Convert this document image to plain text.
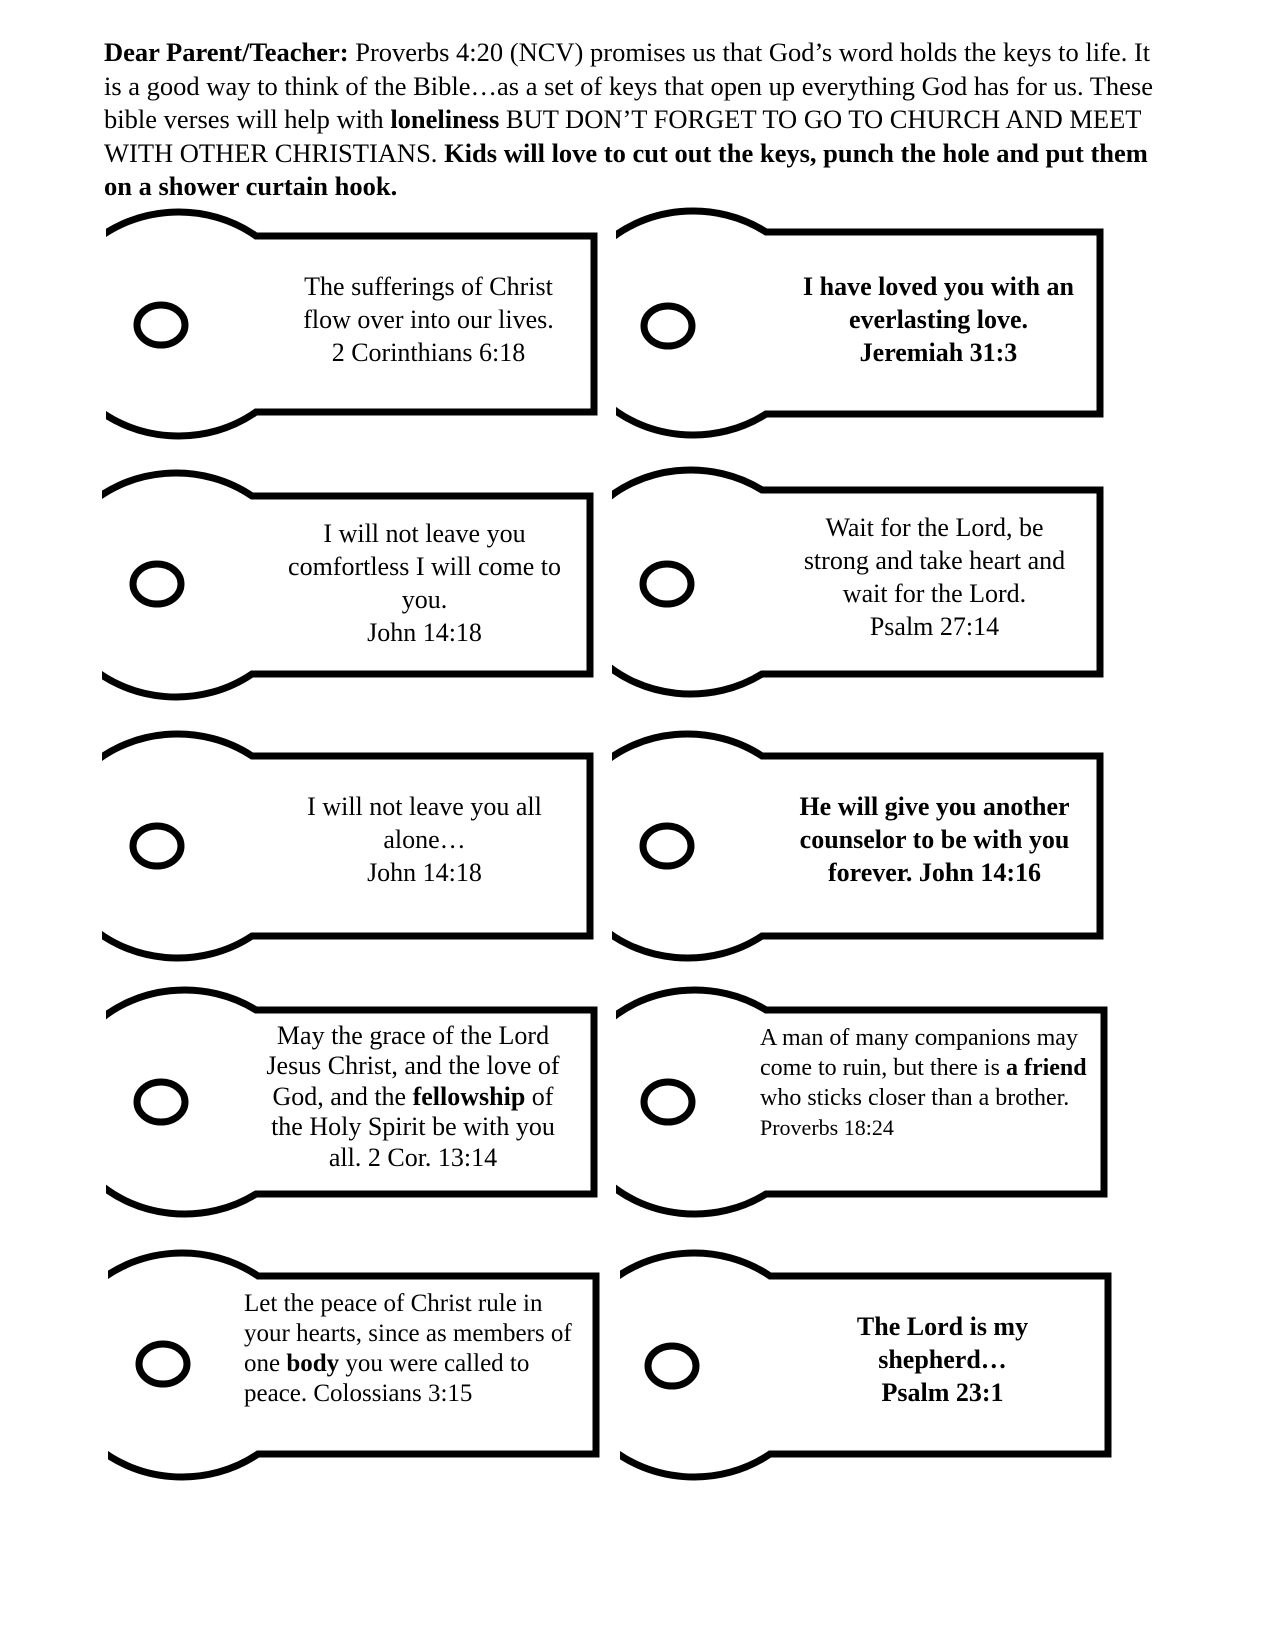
Dear Parent/Teacher: Proverbs 4:20 (NCV) promises us that God’s word holds the keys to life. It is a good way to think of the Bible…as a set of keys that open up everything God has for us. These bible verses will help with loneliness BUT DON’T FORGET TO GO TO CHURCH AND MEET WITH OTHER CHRISTIANS. Kids will love to cut out the keys, punch the hole and put them on a shower curtain hook.
The sufferings of Christ
flow over into our lives.
2 Corinthians 6:18
I have loved you with an
everlasting love.
Jeremiah 31:3
I will not leave you
comfortless I will come to
you.
John 14:18
Wait for the Lord, be
strong and take heart and
wait for the Lord.
Psalm 27:14
I will not leave you all
alone…
John 14:18
He will give you another
counselor to be with you
forever. John 14:16
May the grace of the Lord Jesus Christ, and the love of God, and the fellowship of the Holy Spirit be with you all. 2 Cor. 13:14
A man of many companions may come to ruin, but there is a friend who sticks closer than a brother. Proverbs 18:24
Let the peace of Christ rule in your hearts, since as members of one body you were called to peace. Colossians 3:15
The Lord is my
shepherd…
Psalm 23:1
